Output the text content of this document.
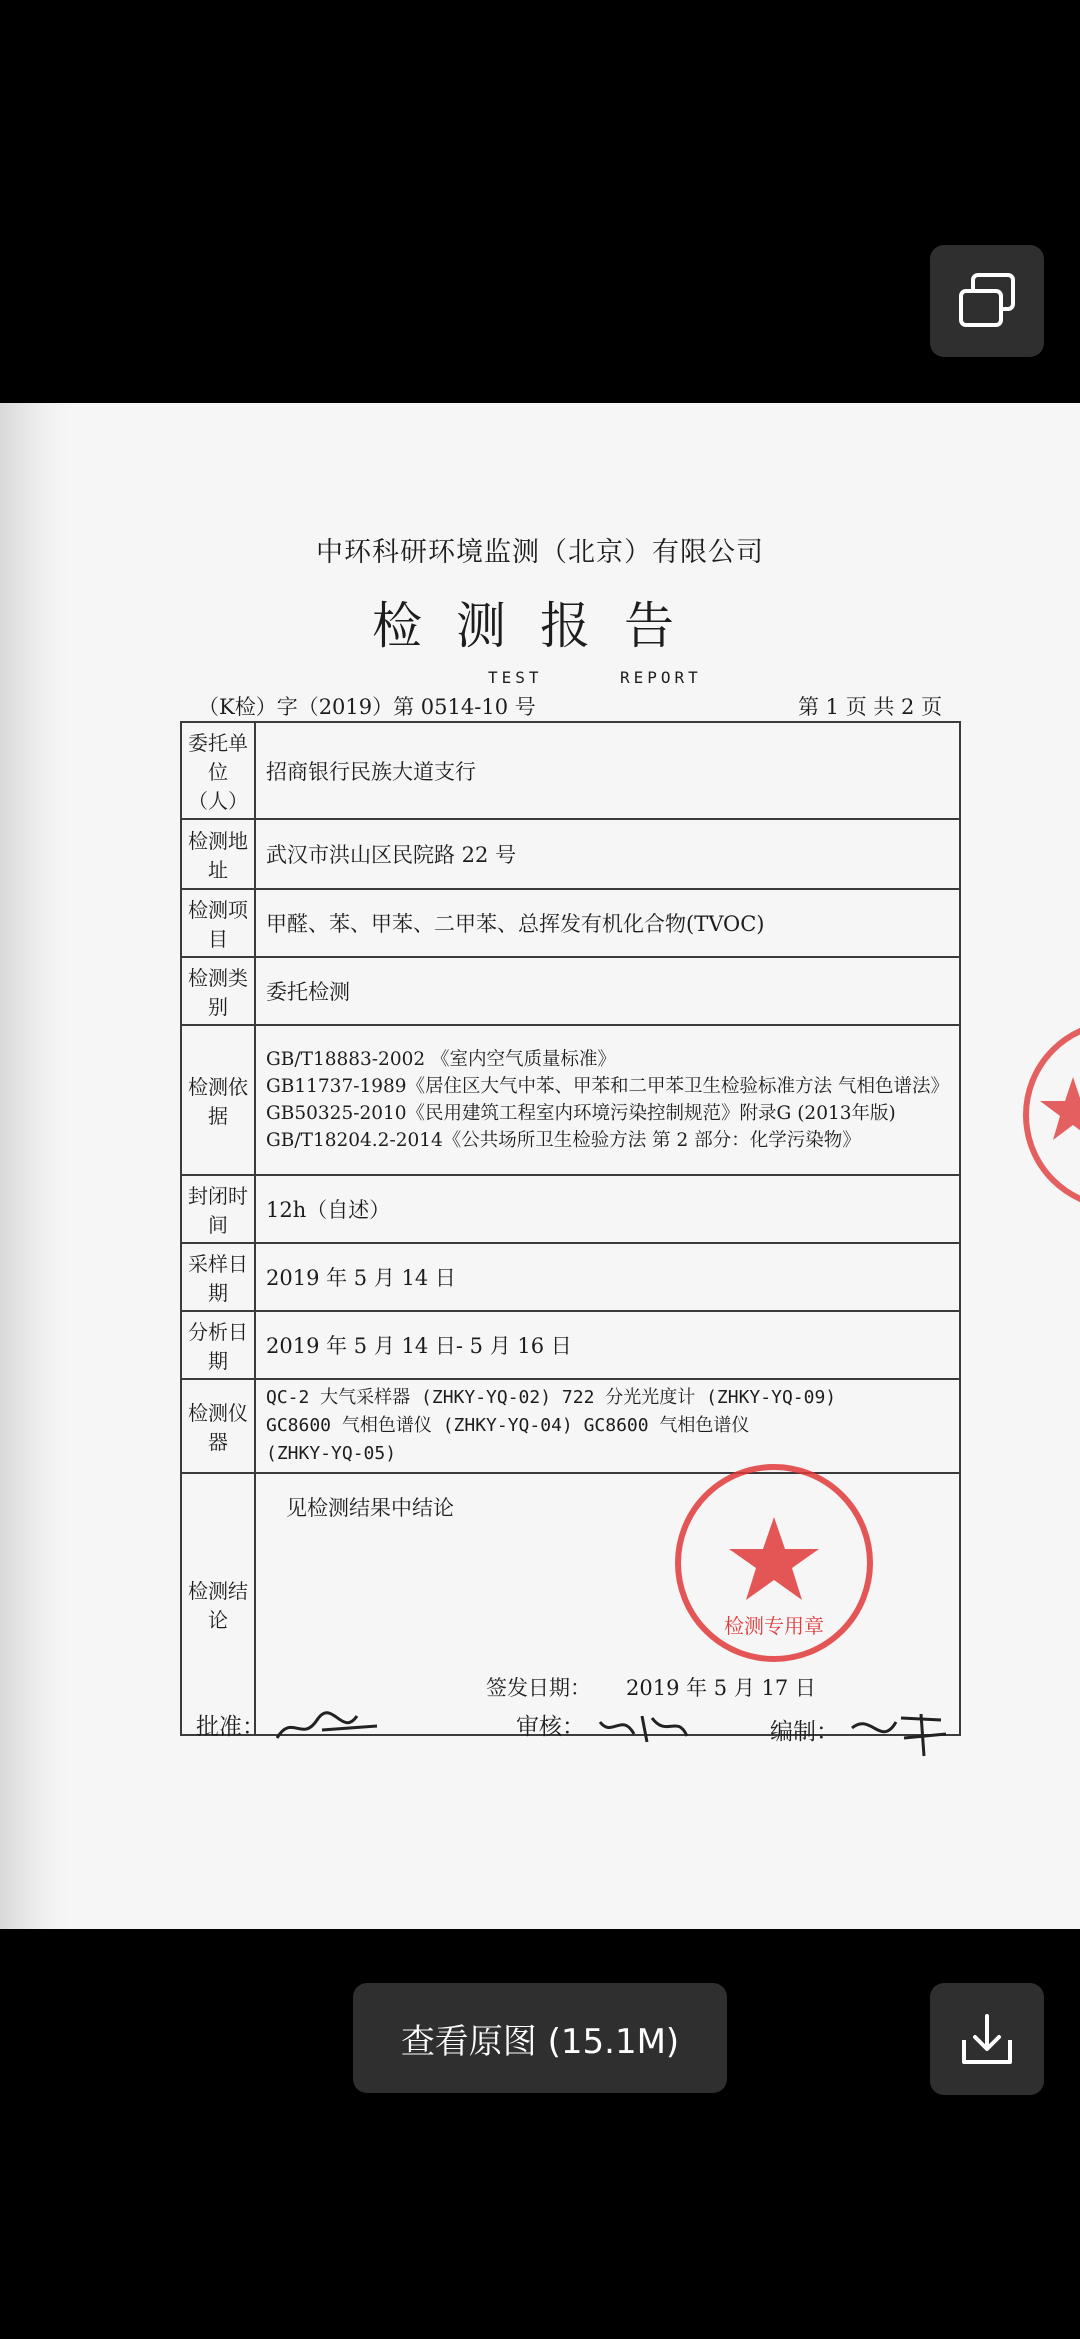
中环科研环境监测（北京）有限公司
检测报告
TEST	REPORT
（K检）字（2019）第 0514-10 号	第 1 页 共 2 页
委托单位（人）	招商银行民族大道支行
检测地址	武汉市洪山区民院路 22 号
检测项目	甲醛、苯、甲苯、二甲苯、总挥发有机化合物(TVOC)
检测类别	委托检测
检测依据	GB/T18883-2002 《室内空气质量标准》
GB11737-1989《居住区大气中苯、甲苯和二甲苯卫生检验标准方法 气相色谱法》
GB50325-2010《民用建筑工程室内环境污染控制规范》附录G (2013年版)
GB/T18204.2-2014《公共场所卫生检验方法 第 2 部分：化学污染物》

封闭时间	12h（自述）
采样日期	2019 年 5 月 14 日
分析日期	2019 年 5 月 14 日- 5 月 16 日
检测仪器	QC-2 大气采样器 (ZHKY-YQ-02) 722 分光光度计 (ZHKY-YQ-09)
GC8600 气相色谱仪 (ZHKY-YQ-04) GC8600 气相色谱仪
(ZHKY-YQ-05)

检测结论	见检测结果中结论
签发日期： 2019 年 5 月 17 日
批准：	审核：	编制：
检测专用章
查看原图 (15.1M)
